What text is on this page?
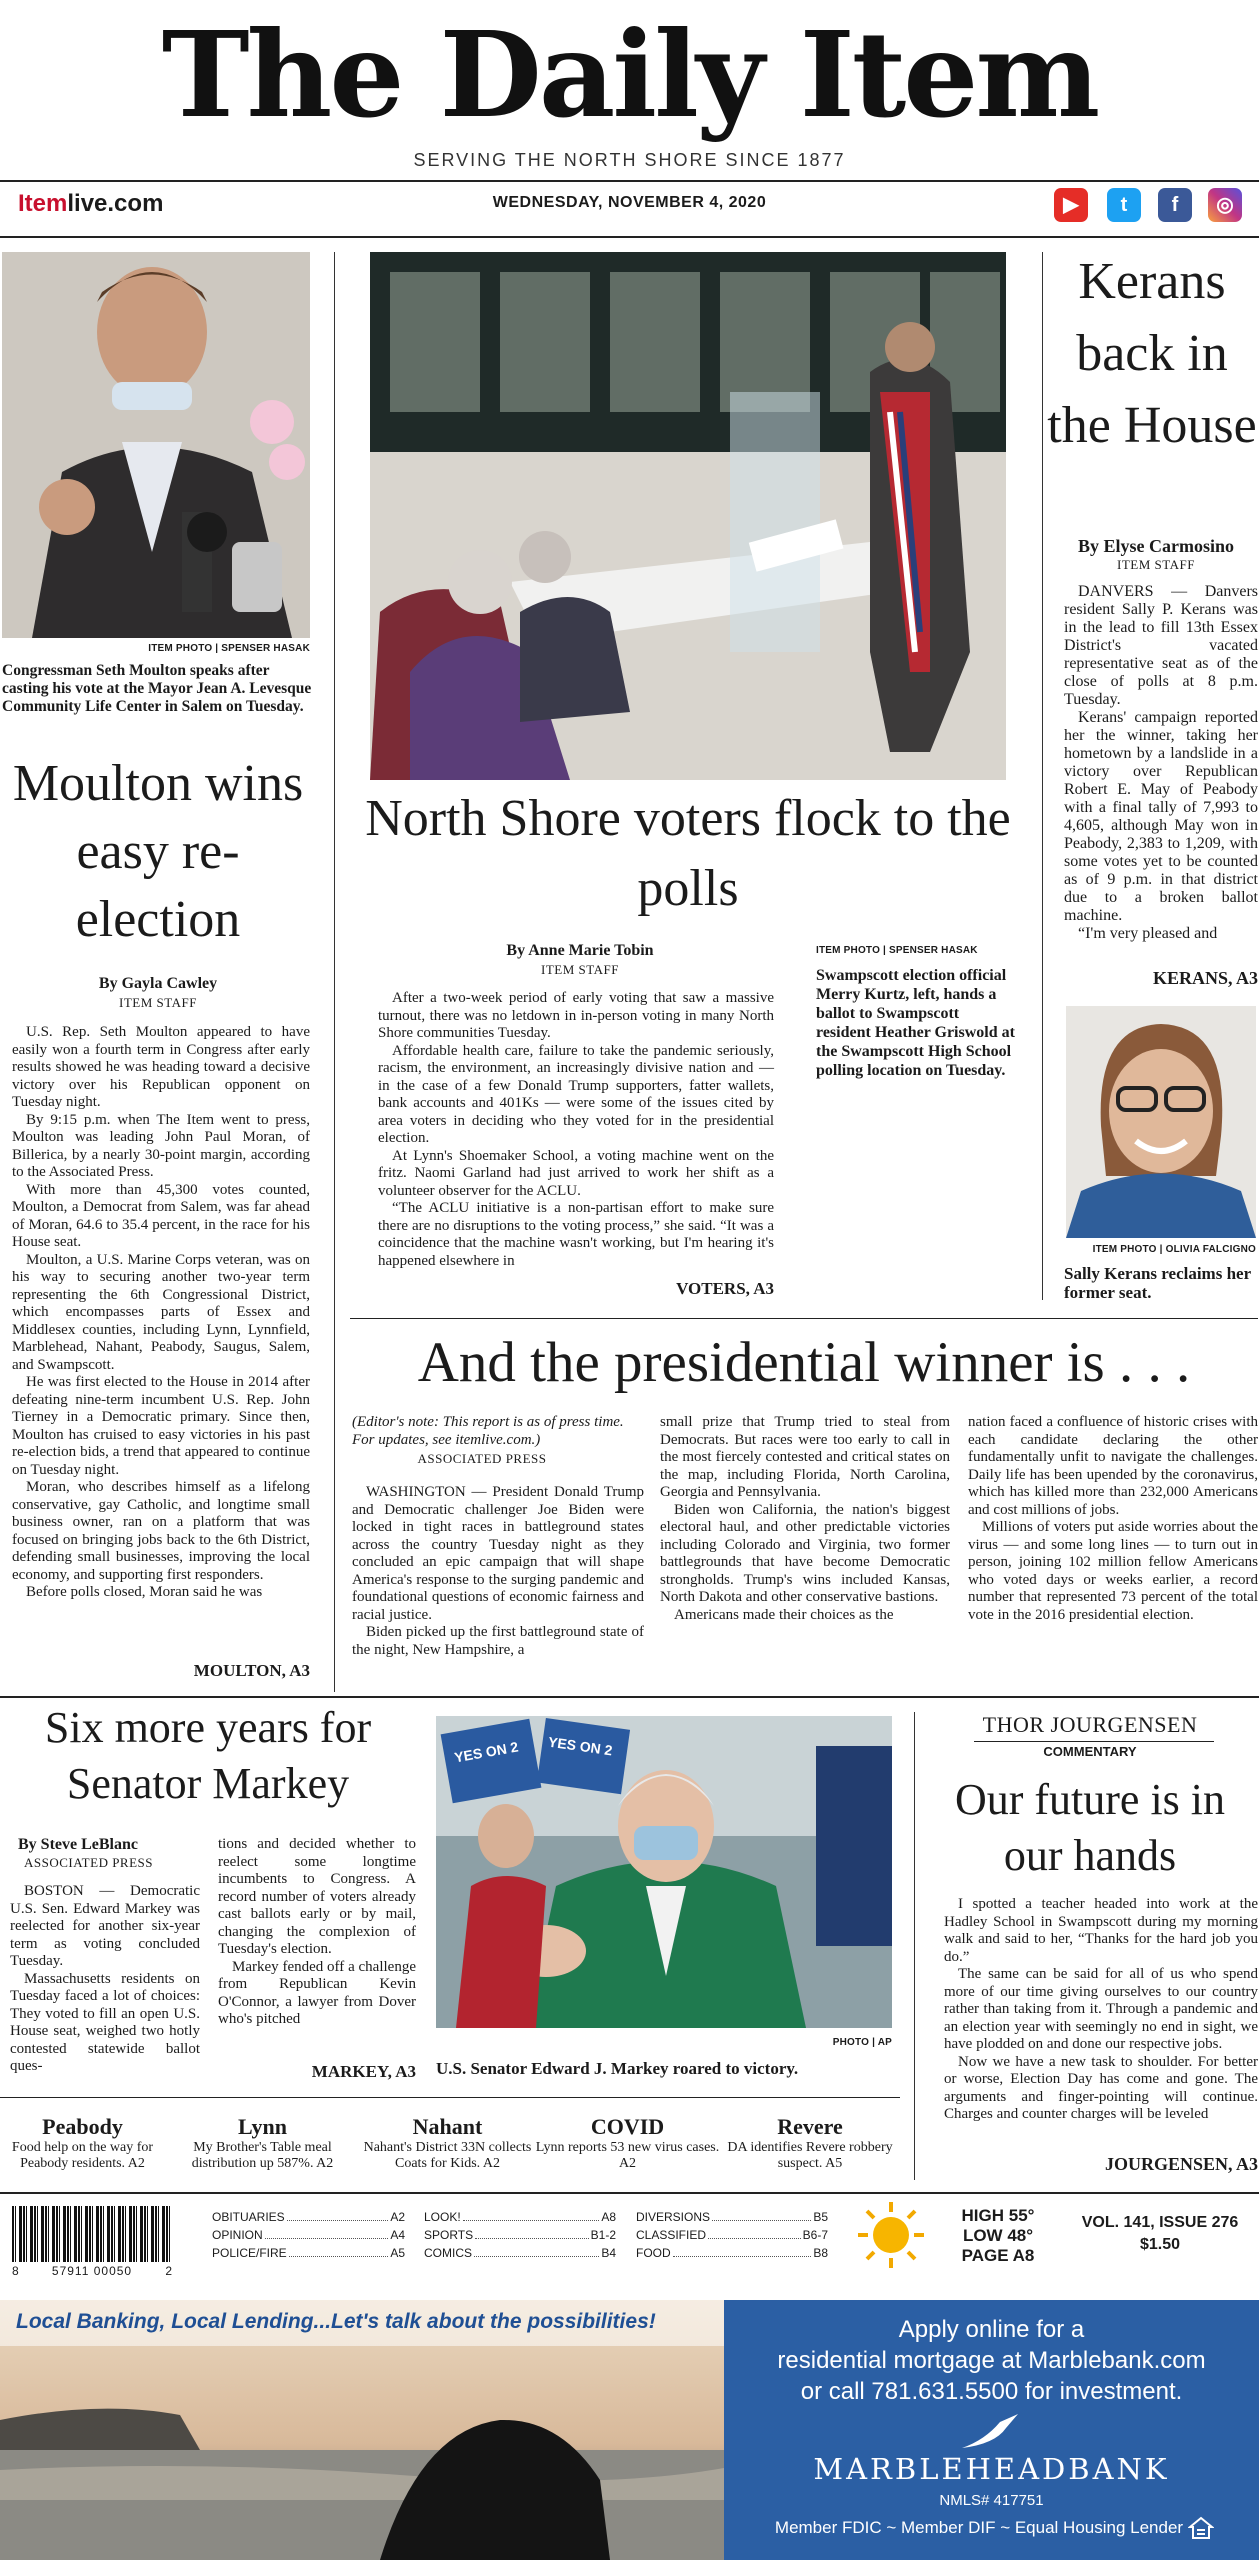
The Daily Item
SERVING THE NORTH SHORE SINCE 1877
Itemlive.com	WEDNESDAY, NOVEMBER 4, 2020	▶	t	f	◎
ITEM PHOTO | SPENSER HASAK
Congressman Seth Moulton speaks after casting his vote at the Mayor Jean A. Levesque Community Life Center in Salem on Tuesday.
Moulton wins easy re-election
By Gayla Cawley
ITEM STAFF

U.S. Rep. Seth Moulton appeared to have easily won a fourth term in Congress after early results showed he was heading toward a decisive victory over his Republican opponent on Tuesday night.

By 9:15 p.m. when The Item went to press, Moulton was leading John Paul Moran, of Billerica, by a nearly 30-point margin, according to the Associated Press.

With more than 45,300 votes counted, Moulton, a Democrat from Salem, was far ahead of Moran, 64.6 to 35.4 percent, in the race for his House seat.

Moulton, a U.S. Marine Corps veteran, was on his way to securing another two-year term representing the 6th Congressional District, which encompasses parts of Essex and Middlesex counties, including Lynn, Lynnfield, Marblehead, Nahant, Peabody, Saugus, Salem, and Swampscott.

He was first elected to the House in 2014 after defeating nine-term incumbent U.S. Rep. John Tierney in a Democratic primary. Since then, Moulton has cruised to easy victories in his past re-election bids, a trend that appeared to continue on Tuesday night.

Moran, who describes himself as a lifelong conservative, gay Catholic, and longtime small business owner, ran on a platform that was focused on bringing jobs back to the 6th District, defending small businesses, improving the local economy, and supporting first responders.

Before polls closed, Moran said he was

MOULTON, A3
North Shore voters flock to the polls
By Anne Marie Tobin
ITEM STAFF

After a two-week period of early voting that saw a massive turnout, there was no letdown in in-person voting in many North Shore communities Tuesday.

Affordable health care, failure to take the pandemic seriously, racism, the environment, an increasingly divisive nation and — in the case of a few Donald Trump supporters, fatter wallets, bank accounts and 401Ks — were some of the issues cited by area voters in deciding who they voted for in the presidential election.

At Lynn's Shoemaker School, a voting machine went on the fritz. Naomi Garland had just arrived to work her shift as a volunteer observer for the ACLU.

“The ACLU initiative is a non-partisan effort to make sure there are no disruptions to the voting process,” she said. “It was a coincidence that the machine wasn't working, but I'm hearing it's happened elsewhere in

VOTERS, A3
ITEM PHOTO | SPENSER HASAK
Swampscott election official Merry Kurtz, left, hands a ballot to Swampscott resident Heather Griswold at the Swampscott High School polling location on Tuesday.
Kerans back in the House
By Elyse Carmosino
ITEM STAFF

DANVERS — Danvers resident Sally P. Kerans was in the lead to fill 13th Essex District's vacated representative seat as of the close of polls at 8 p.m. Tuesday.

Kerans' campaign reported her the winner, taking her hometown by a landslide in a victory over Republican Robert E. May of Peabody with a final tally of 7,993 to 4,605, although May won in Peabody, 2,383 to 1,209, with some votes yet to be counted as of 9 p.m. in that district due to a broken ballot machine.

“I'm very pleased and

KERANS, A3
ITEM PHOTO | OLIVIA FALCIGNO
Sally Kerans reclaims her former seat.
And the presidential winner is . . .
(Editor's note: This report is as of press time. For updates, see itemlive.com.)
ASSOCIATED PRESS

WASHINGTON — President Donald Trump and Democratic challenger Joe Biden were locked in tight races in battleground states across the country Tuesday night as they concluded an epic campaign that will shape America's response to the surging pandemic and foundational questions of economic fairness and racial justice.

Biden picked up the first battleground state of the night, New Hampshire, a

small prize that Trump tried to steal from Democrats. But races were too early to call in the most fiercely contested and critical states on the map, including Florida, North Carolina, Georgia and Pennsylvania.

Biden won California, the nation's biggest electoral haul, and other predictable victories including Colorado and Virginia, two former battlegrounds that have become Democratic strongholds. Trump's wins included Kansas, North Dakota and other conservative bastions.

Americans made their choices as the

nation faced a confluence of historic crises with each candidate declaring the other fundamentally unfit to navigate the challenges. Daily life has been upended by the coronavirus, which has killed more than 232,000 Americans and cost millions of jobs.

Millions of voters put aside worries about the virus — and some long lines — to turn out in person, joining 102 million fellow Americans who voted days or weeks earlier, a record number that represented 73 percent of the total vote in the 2016 presidential election.

Six more years for Senator Markey
By Steve LeBlanc
ASSOCIATED PRESS

BOSTON — Democratic U.S. Sen. Edward Markey was reelected for another six-year term as voting concluded Tuesday.

Massachusetts residents on Tuesday faced a lot of choices: They voted to fill an open U.S. House seat, weighed two hotly contested statewide ballot ques-

tions and decided whether to reelect some longtime incumbents to Congress. A record number of voters already cast ballots early or by mail, changing the complexion of Tuesday's election.

Markey fended off a challenge from Republican Kevin O'Connor, a lawyer from Dover who's pitched

MARKEY, A3
YES ON 2 YES ON 2
PHOTO | AP
U.S. Senator Edward J. Markey roared to victory.
THOR JOURGENSEN
COMMENTARY
Our future is in our hands

I spotted a teacher headed into work at the Hadley School in Swampscott during my morning walk and said to her, “Thanks for the hard job you do.”

The same can be said for all of us who spend more of our time giving ourselves to our country rather than taking from it. Through a pandemic and an election year with seemingly no end in sight, we have plodded on and done our respective jobs.

Now we have a new task to shoulder. For better or worse, Election Day has come and gone. The arguments and finger-pointing will continue. Charges and counter charges will be leveled

JOURGENSEN, A3
Peabody
Food help on the way for Peabody residents. A2
Lynn
My Brother's Table meal distribution up 587%. A2
Nahant
Nahant's District 33N collects Coats for Kids. A2
COVID
Lynn reports 53 new virus cases. A2
Revere
DA identifies Revere robbery suspect. A5
8	57911 00050	2
OBITUARIES	A2
OPINION	A4
POLICE/FIRE	A5
LOOK!	A8
SPORTS	B1-2
COMICS	B4
DIVERSIONS	B5
CLASSIFIED	B6-7
FOOD	B8
HIGH 55°
LOW 48°
PAGE A8
VOL. 141, ISSUE 276
$1.50
Local Banking, Local Lending...Let's talk about the possibilities!	Apply online for a
residential mortgage at Marblebank.com
or call 781.631.5500 for investment.
MARBLEHEADBANK
NMLS# 417751
Member FDIC ~ Member DIF ~ Equal Housing Lender
